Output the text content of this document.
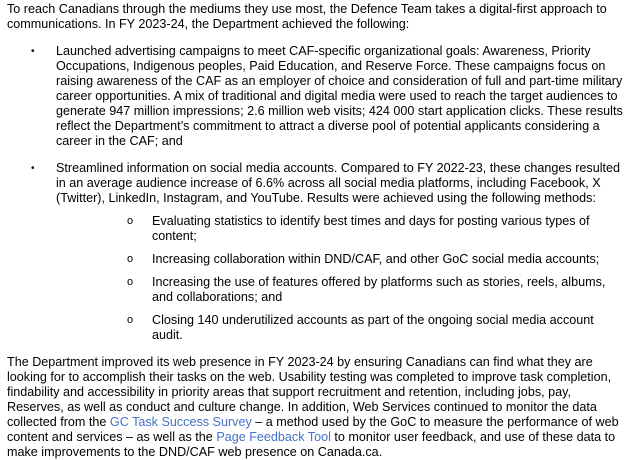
To reach Canadians through the mediums they use most, the Defence Team takes a digital-first approach to communications. In FY 2023-24, the Department achieved the following:

• Launched advertising campaigns to meet CAF-specific organizational goals: Awareness, Priority Occupations, Indigenous peoples, Paid Education, and Reserve Force. These campaigns focus on raising awareness of the CAF as an employer of choice and consideration of full and part-time military career opportunities. A mix of traditional and digital media were used to reach the target audiences to generate 947 million impressions; 2.6 million web visits; 424 000 start application clicks. These results reflect the Department’s commitment to attract a diverse pool of potential applicants considering a career in the CAF; and

• Streamlined information on social media accounts. Compared to FY 2022-23, these changes resulted in an average audience increase of 6.6% across all social media platforms, including Facebook, X (Twitter), LinkedIn, Instagram, and YouTube. Results were achieved using the following methods:

o Evaluating statistics to identify best times and days for posting various types of content;

o Increasing collaboration within DND/CAF, and other GoC social media accounts;

o Increasing the use of features offered by platforms such as stories, reels, albums, and collaborations; and

o Closing 140 underutilized accounts as part of the ongoing social media account audit.

The Department improved its web presence in FY 2023-24 by ensuring Canadians can find what they are looking for to accomplish their tasks on the web. Usability testing was completed to improve task completion, findability and accessibility in priority areas that support recruitment and retention, including jobs, pay, Reserves, as well as conduct and culture change. In addition, Web Services continued to monitor the data collected from the GC Task Success Survey – a method used by the GoC to measure the performance of web content and services – as well as the Page Feedback Tool to monitor user feedback, and use of these data to make improvements to the DND/CAF web presence on Canada.ca.
